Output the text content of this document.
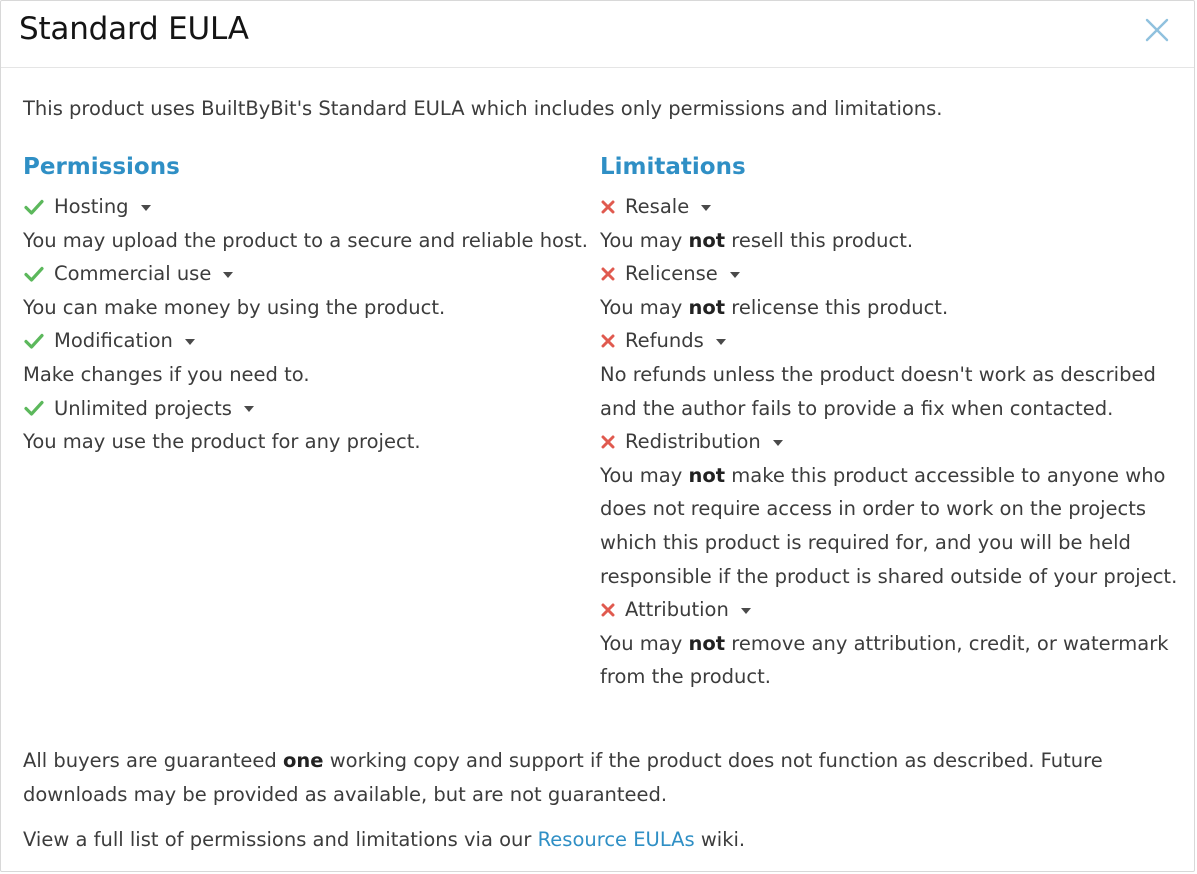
Standard EULA

This product uses BuiltByBit's Standard EULA which includes only permissions and limitations.

Permissions
Hosting

You may upload the product to a secure and reliable host.

Commercial use

You can make money by using the product.

Modification

Make changes if you need to.

Unlimited projects

You may use the product for any project.

Limitations
Resale

You may not resell this product.

Relicense

You may not relicense this product.

Refunds

No refunds unless the product doesn't work as described and the author fails to provide a fix when contacted.

Redistribution

You may not make this product accessible to anyone who does not require access in order to work on the projects which this product is required for, and you will be held responsible if the product is shared outside of your project.

Attribution

You may not remove any attribution, credit, or watermark from the product.

All buyers are guaranteed one working copy and support if the product does not function as described. Future downloads may be provided as available, but are not guaranteed.

View a full list of permissions and limitations via our Resource EULAs wiki.
